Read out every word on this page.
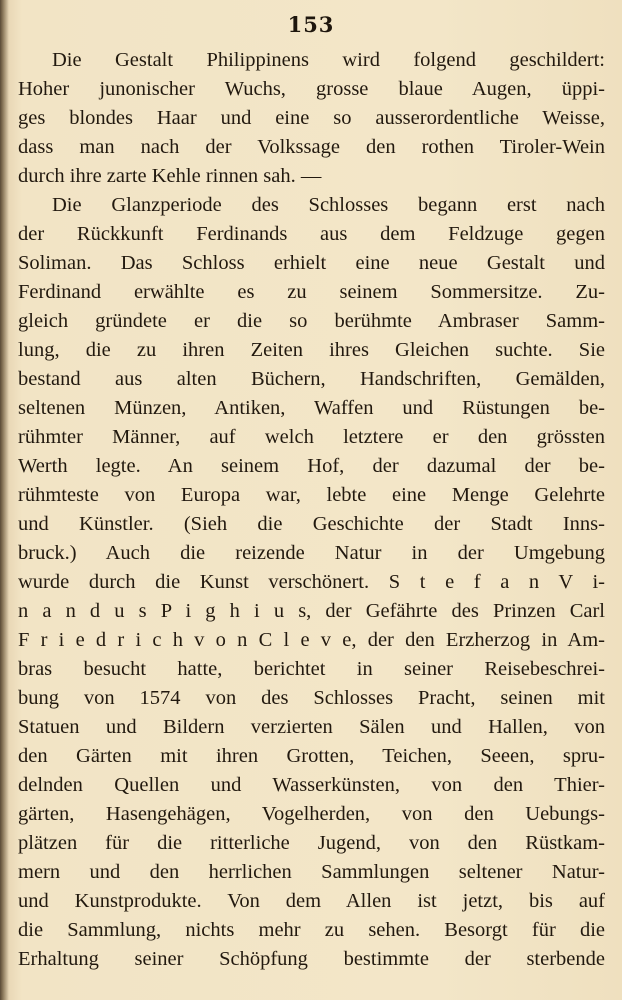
153

Die Gestalt Philippinens wird folgend geschildert:
Hoher junonischer Wuchs, grosse blaue Augen, üppi-
ges blondes Haar und eine so ausserordentliche Weisse,
dass man nach der Volkssage den rothen Tiroler-Wein
durch ihre zarte Kehle rinnen sah. —
Die Glanzperiode des Schlosses begann erst nach
der Rückkunft Ferdinands aus dem Feldzuge gegen
Soliman. Das Schloss erhielt eine neue Gestalt und
Ferdinand erwählte es zu seinem Sommersitze. Zu-
gleich gründete er die so berühmte Ambraser Samm-
lung, die zu ihren Zeiten ihres Gleichen suchte. Sie
bestand aus alten Büchern, Handschriften, Gemälden,
seltenen Münzen, Antiken, Waffen und Rüstungen be-
rühmter Männer, auf welch letztere er den grössten
Werth legte. An seinem Hof, der dazumal der be-
rühmteste von Europa war, lebte eine Menge Gelehrte
und Künstler. (Sieh die Geschichte der Stadt Inns-
bruck.) Auch die reizende Natur in der Umgebung
wurde durch die Kunst verschönert. S t e f a n V i-
n a n d u s P i g h i u s, der Gefährte des Prinzen Carl
F r i e d r i c h v o n C l e v e, der den Erzherzog in Am-
bras besucht hatte, berichtet in seiner Reisebeschrei-
bung von 1574 von des Schlosses Pracht, seinen mit
Statuen und Bildern verzierten Sälen und Hallen, von
den Gärten mit ihren Grotten, Teichen, Seeen, spru-
delnden Quellen und Wasserkünsten, von den Thier-
gärten, Hasengehägen, Vogelherden, von den Uebungs-
plätzen für die ritterliche Jugend, von den Rüstkam-
mern und den herrlichen Sammlungen seltener Natur-
und Kunstprodukte. Von dem Allen ist jetzt, bis auf
die Sammlung, nichts mehr zu sehen. Besorgt für die
Erhaltung seiner Schöpfung bestimmte der sterbende
